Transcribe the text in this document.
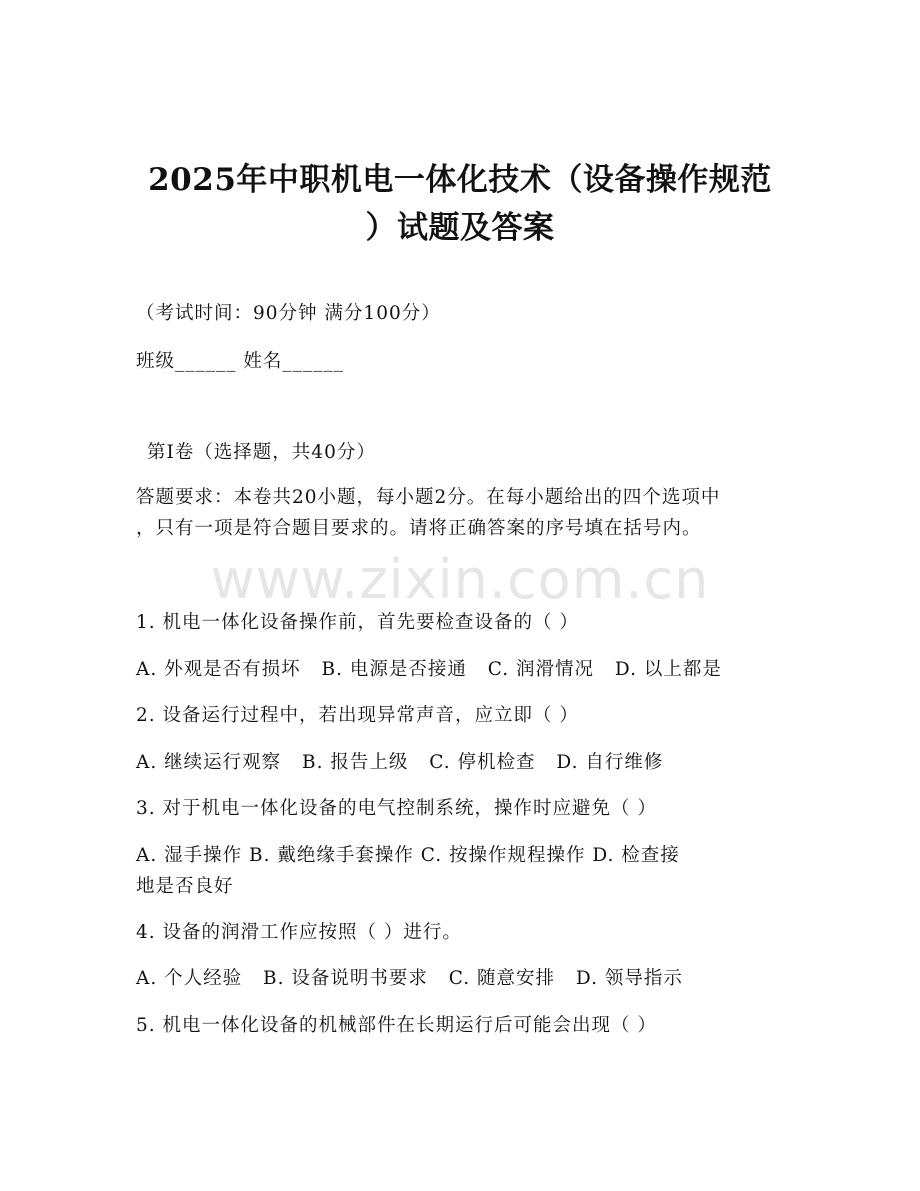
www.zixin.com.cn
2025年中职机电一体化技术（设备操作规范
）试题及答案
（考试时间：90分钟 满分100分）
班级______ 姓名______
第Ⅰ卷（选择题，共40分）
答题要求：本卷共20小题，每小题2分。在每小题给出的四个选项中
，只有一项是符合题目要求的。请将正确答案的序号填在括号内。
1. 机电一体化设备操作前，首先要检查设备的（ ）
A. 外观是否有损坏 B. 电源是否接通 C. 润滑情况 D. 以上都是
2. 设备运行过程中，若出现异常声音，应立即（ ）
A. 继续运行观察 B. 报告上级 C. 停机检查 D. 自行维修
3. 对于机电一体化设备的电气控制系统，操作时应避免（ ）
A. 湿手操作 B. 戴绝缘手套操作 C. 按操作规程操作 D. 检查接
地是否良好
4. 设备的润滑工作应按照（ ）进行。
A. 个人经验 B. 设备说明书要求 C. 随意安排 D. 领导指示
5. 机电一体化设备的机械部件在长期运行后可能会出现（ ）
